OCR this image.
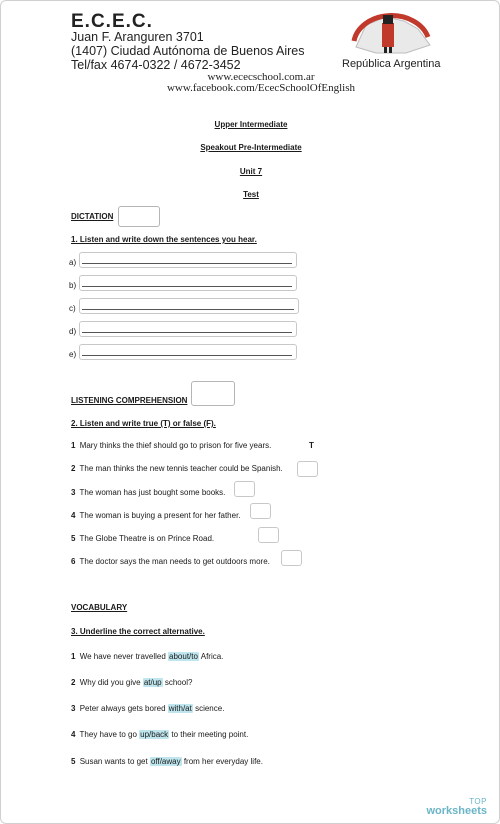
E.C.E.C.
Juan F. Aranguren 3701
(1407) Ciudad Autónoma de Buenos Aires
Tel/fax 4674-0322 / 4672-3452	República Argentina
www.ececschool.com.ar
www.facebook.com/EcecSchoolOfEnglish
Upper Intermediate
Speakout Pre-Intermediate
Unit 7
Test
DICTATION
1. Listen and write down the sentences you hear.
a)
b)
c)
d)
e)
LISTENING COMPREHENSION
2. Listen and write true (T) or false (F).
1 Mary thinks the thief should go to prison for five years.	T
2 The man thinks the new tennis teacher could be Spanish.
3 The woman has just bought some books.
4 The woman is buying a present for her father.
5 The Globe Theatre is on Prince Road.
6 The doctor says the man needs to get outdoors more.
VOCABULARY
3. Underline the correct alternative.
1 We have never travelled about/to Africa.
2 Why did you give at/up school?
3 Peter always gets bored with/at science.
4 They have to go up/back to their meeting point.
5 Susan wants to get off/away from her everyday life.
TOP
worksheets
